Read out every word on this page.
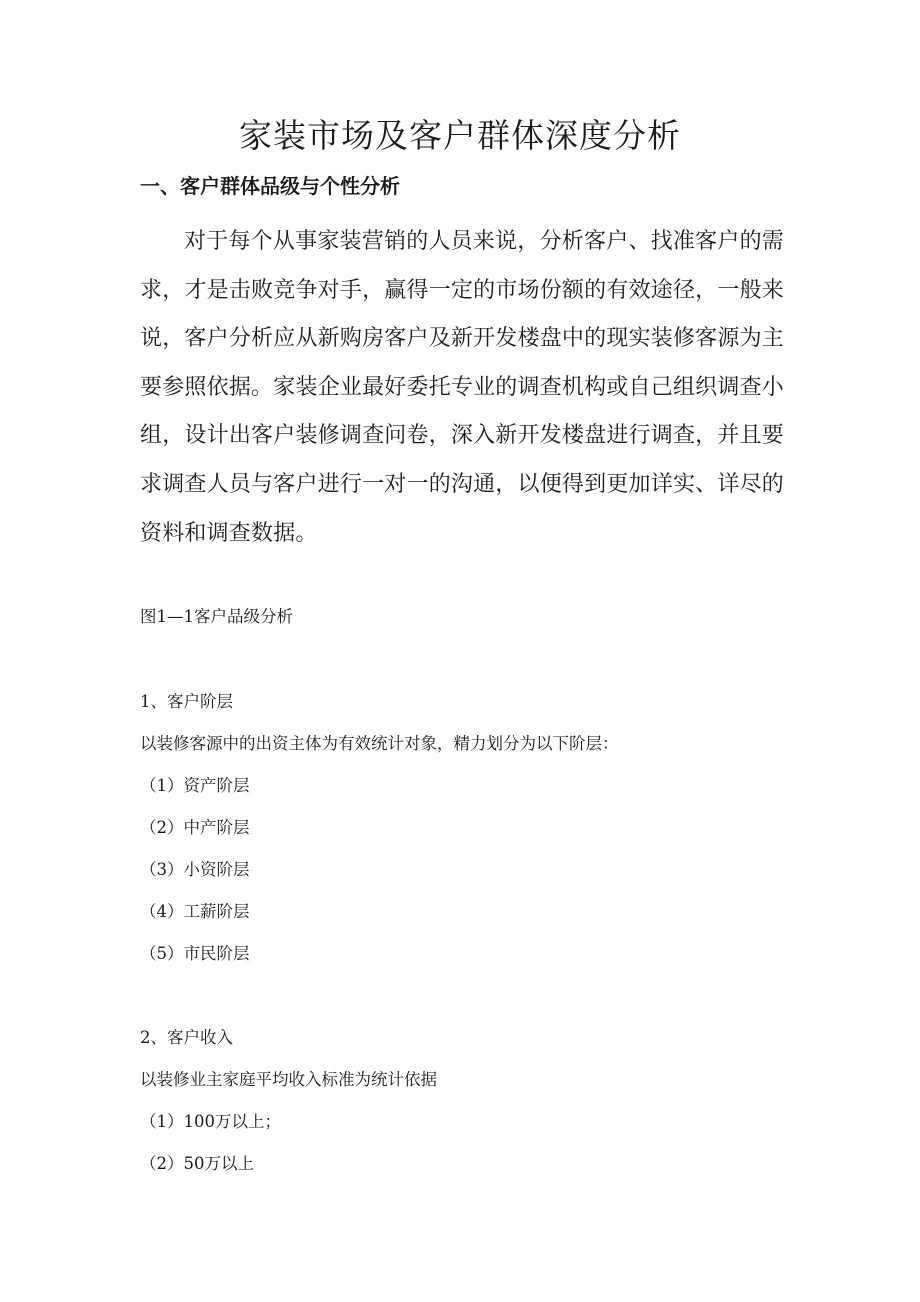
家装市场及客户群体深度分析
一、客户群体品级与个性分析

对于每个从事家装营销的人员来说，分析客户、找准客户的需求，才是击败竞争对手，赢得一定的市场份额的有效途径，一般来说，客户分析应从新购房客户及新开发楼盘中的现实装修客源为主要参照依据。家装企业最好委托专业的调查机构或自己组织调查小组，设计出客户装修调查问卷，深入新开发楼盘进行调查，并且要求调查人员与客户进行一对一的沟通，以便得到更加详实、详尽的资料和调查数据。

图1—1客户品级分析

1、客户阶层

以装修客源中的出资主体为有效统计对象，精力划分为以下阶层：

（1）资产阶层

（2）中产阶层

（3）小资阶层

（4）工薪阶层

（5）市民阶层

2、客户收入

以装修业主家庭平均收入标准为统计依据

（1）100万以上；

（2）50万以上
